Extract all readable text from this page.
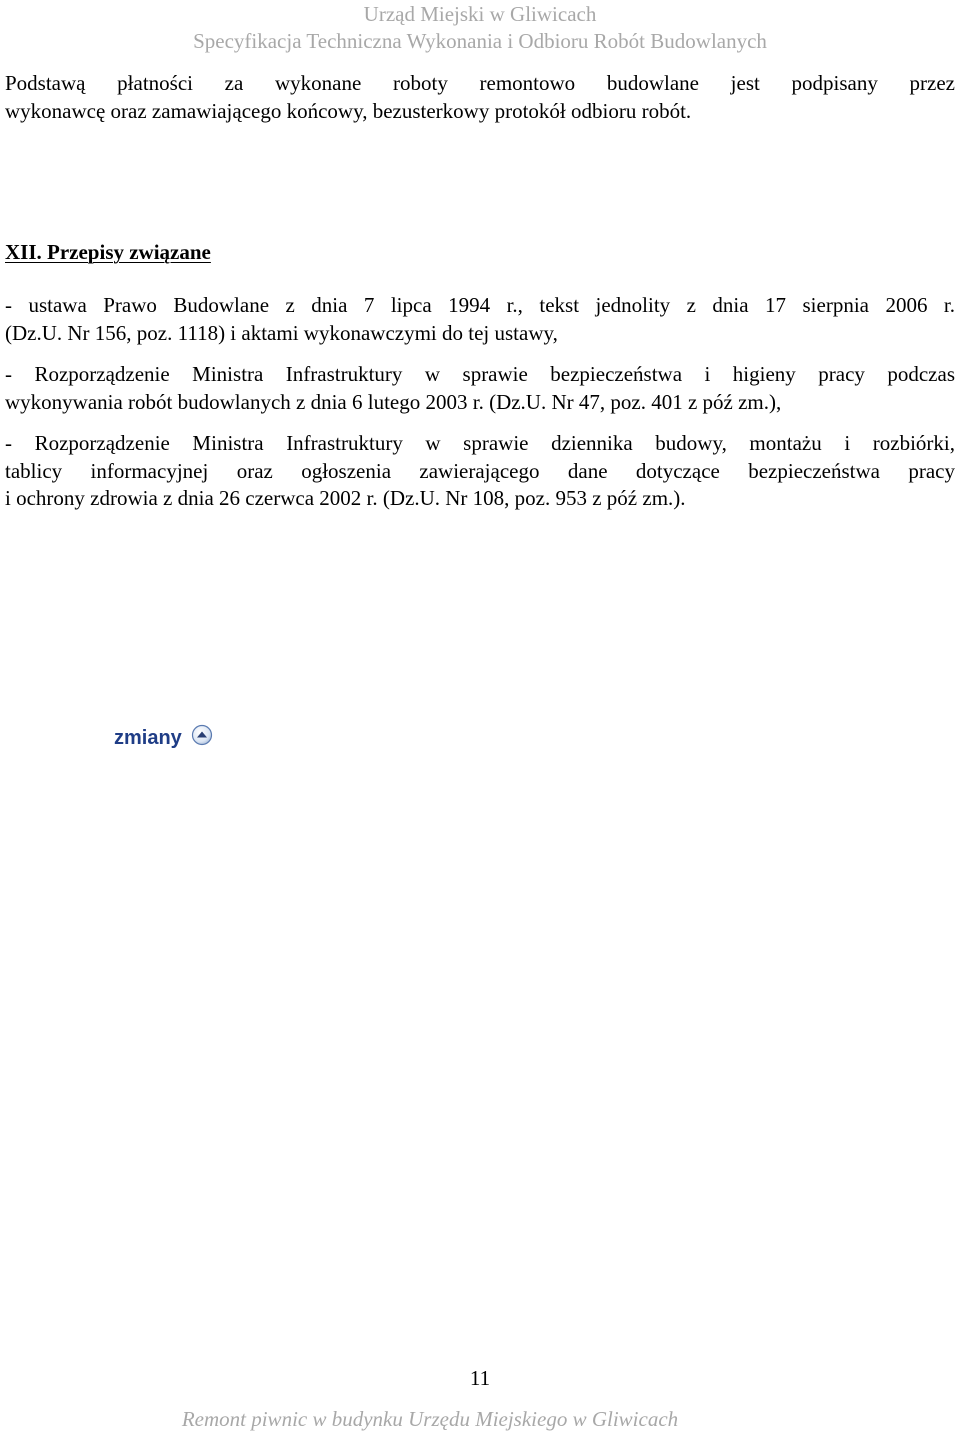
Urząd Miejski w Gliwicach
Specyfikacja Techniczna Wykonania i Odbioru Robót Budowlanych
Podstawą płatności za wykonane roboty remontowo budowlane jest podpisany przez
wykonawcę oraz zamawiającego końcowy, bezusterkowy protokół odbioru robót.
XII. Przepisy związane
- ustawa Prawo Budowlane z dnia 7 lipca 1994 r., tekst jednolity z dnia 17 sierpnia 2006 r.
(Dz.U. Nr 156, poz. 1118) i aktami wykonawczymi do tej ustawy,
- Rozporządzenie Ministra Infrastruktury w sprawie bezpieczeństwa i higieny pracy podczas
wykonywania robót budowlanych z dnia 6 lutego 2003 r. (Dz.U. Nr 47, poz. 401 z póź zm.),
- Rozporządzenie Ministra Infrastruktury w sprawie dziennika budowy, montażu i rozbiórki,
tablicy informacyjnej oraz ogłoszenia zawierającego dane dotyczące bezpieczeństwa pracy
i ochrony zdrowia z dnia 26 czerwca 2002 r. (Dz.U. Nr 108, poz. 953 z póź zm.).
zmiany
11
Remont piwnic w budynku Urzędu Miejskiego w Gliwicach
